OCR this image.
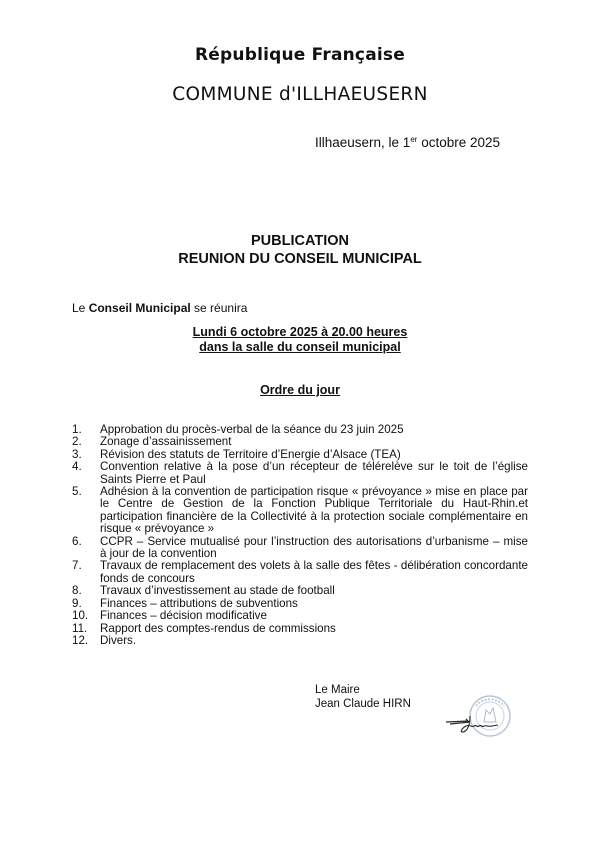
République Française
COMMUNE d'ILLHAEUSERN
Illhaeusern, le 1er octobre 2025
PUBLICATION
REUNION DU CONSEIL MUNICIPAL
Le Conseil Municipal se réunira
Lundi 6 octobre 2025 à 20.00 heures
dans la salle du conseil municipal
Ordre du jour
1. Approbation du procès-verbal de la séance du 23 juin 2025
2. Zonage d’assainissement
3. Révision des statuts de Territoire d’Energie d’Alsace (TEA)
4. Convention relative à la pose d’un récepteur de télérelève sur le toit de l’église Saints Pierre et Paul
5. Adhésion à la convention de participation risque « prévoyance » mise en place par le Centre de Gestion de la Fonction Publique Territoriale du Haut-Rhin.et participation financière de la Collectivité à la protection sociale complémentaire en risque « prévoyance »
6. CCPR – Service mutualisé pour l’instruction des autorisations d’urbanisme – mise à jour de la convention
7. Travaux de remplacement des volets à la salle des fêtes - délibération concordante fonds de concours
8. Travaux d’investissement au stade de football
9. Finances – attributions de subventions
10. Finances – décision modificative
11. Rapport des comptes-rendus de commissions
12. Divers.
Le Maire
Jean Claude HIRN
